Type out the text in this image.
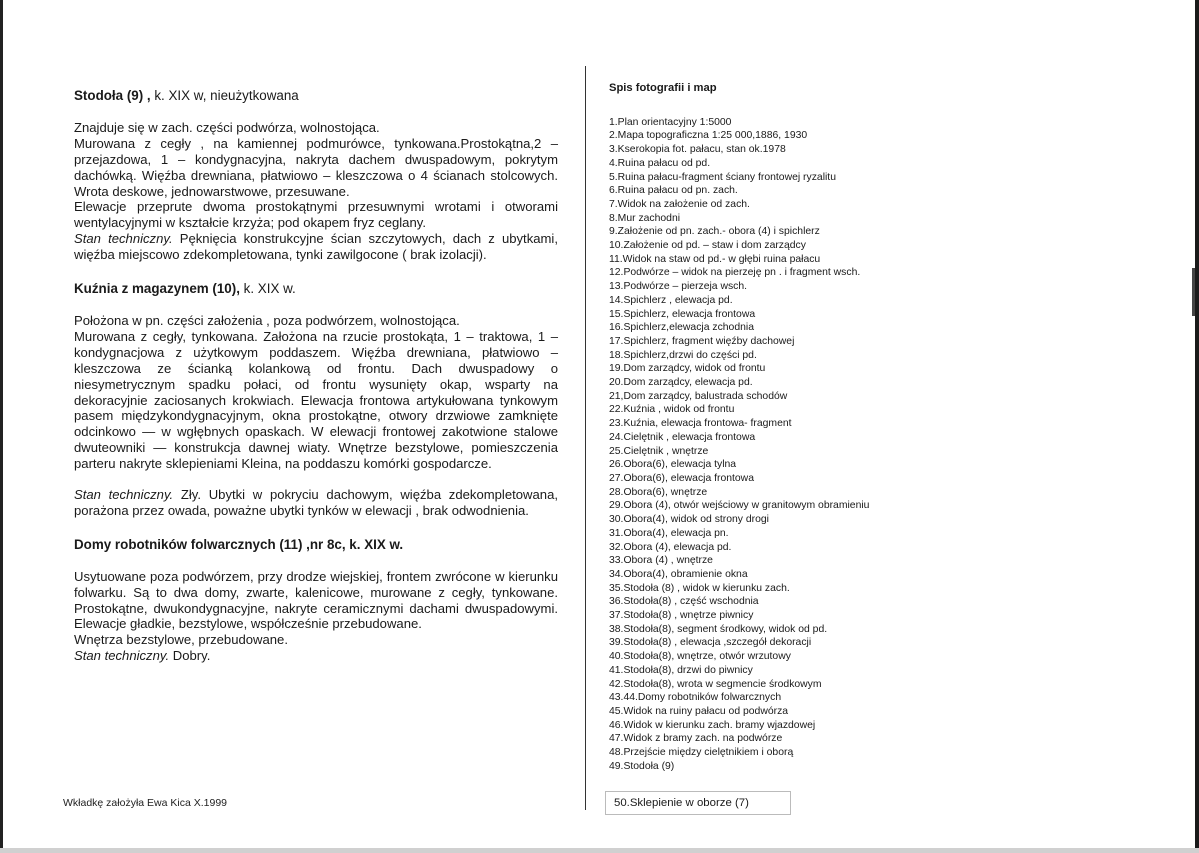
Stodoła (9) , k. XIX w, nieużytkowana

Znajduje się w zach. części podwórza, wolnostojąca.

Murowana z cegły , na kamiennej podmurówce, tynkowana.Prostokątna,2 – przejazdowa, 1 – kondygnacyjna, nakryta dachem dwuspadowym, pokrytym dachówką. Więźba drewniana, płatwiowo – kleszczowa o 4 ścianach stolcowych. Wrota deskowe, jednowarstwowe, przesuwane.

Elewacje przeprute dwoma prostokątnymi przesuwnymi wrotami i otworami wentylacyjnymi w kształcie krzyża; pod okapem fryz ceglany.

Stan techniczny. Pęknięcia konstrukcyjne ścian szczytowych, dach z ubytkami, więźba miejscowo zdekompletowana, tynki zawilgocone ( brak izolacji).

Kuźnia z magazynem (10), k. XIX w.

Położona w pn. części założenia , poza podwórzem, wolnostojąca.

Murowana z cegły, tynkowana. Założona na rzucie prostokąta, 1 – traktowa, 1 – kondygnacjowa z użytkowym poddaszem. Więźba drewniana, płatwiowo – kleszczowa ze ścianką kolankową od frontu. Dach dwuspadowy o niesymetrycznym spadku połaci, od frontu wysunięty okap, wsparty na dekoracyjnie zaciosanych krokwiach. Elewacja frontowa artykułowana tynkowym pasem międzykondygnacyjnym, okna prostokątne, otwory drzwiowe zamknięte odcinkowo — w wgłębnych opaskach. W elewacji frontowej zakotwione stalowe dwuteowniki — konstrukcja dawnej wiaty. Wnętrze bezstylowe, pomieszczenia parteru nakryte sklepieniami Kleina, na poddaszu komórki gospodarcze.

Stan techniczny. Zły. Ubytki w pokryciu dachowym, więźba zdekompletowana, porażona przez owada, poważne ubytki tynków w elewacji , brak odwodnienia.

Domy robotników folwarcznych (11) ,nr 8c, k. XIX w.

Usytuowane poza podwórzem, przy drodze wiejskiej, frontem zwrócone w kierunku folwarku. Są to dwa domy, zwarte, kalenicowe, murowane z cegły, tynkowane. Prostokątne, dwukondygnacyjne, nakryte ceramicznymi dachami dwuspadowymi. Elewacje gładkie, bezstylowe, współcześnie przebudowane.

Wnętrza bezstylowe, przebudowane.

Stan techniczny. Dobry.

Wkładkę założyła Ewa Kica X.1999
Spis fotografii i map
1.Plan orientacyjny 1:5000
2.Mapa topograficzna 1:25 000,1886, 1930
3.Kserokopia fot. pałacu, stan ok.1978
4.Ruina pałacu od pd.
5.Ruina pałacu-fragment ściany frontowej ryzalitu
6.Ruina pałacu od pn. zach.
7.Widok na założenie od zach.
8.Mur zachodni
9.Założenie od pn. zach.- obora (4) i spichlerz
10.Założenie od pd. – staw i dom zarządcy
11.Widok na staw od pd.- w głębi ruina pałacu
12.Podwórze – widok na pierzeję pn . i fragment wsch.
13.Podwórze – pierzeja wsch.
14.Spichlerz , elewacja pd.
15.Spichlerz, elewacja frontowa
16.Spichlerz,elewacja zchodnia
17.Spichlerz, fragment więźby dachowej
18.Spichlerz,drzwi do części pd.
19.Dom zarządcy, widok od frontu
20.Dom zarządcy, elewacja pd.
21,Dom zarządcy, balustrada schodów
22.Kuźnia , widok od frontu
23.Kuźnia, elewacja frontowa- fragment
24.Cielętnik , elewacja frontowa
25.Cielętnik , wnętrze
26.Obora(6), elewacja tylna
27.Obora(6), elewacja frontowa
28.Obora(6), wnętrze
29.Obora (4), otwór wejściowy w granitowym obramieniu
30.Obora(4), widok od strony drogi
31.Obora(4), elewacja pn.
32.Obora (4), elewacja pd.
33.Obora (4) , wnętrze
34.Obora(4), obramienie okna
35.Stodoła (8) , widok w kierunku zach.
36.Stodoła(8) , część wschodnia
37.Stodoła(8) , wnętrze piwnicy
38.Stodoła(8), segment środkowy, widok od pd.
39.Stodoła(8) , elewacja ,szczegół dekoracji
40.Stodoła(8), wnętrze, otwór wrzutowy
41.Stodoła(8), drzwi do piwnicy
42.Stodoła(8), wrota w segmencie środkowym
43.44.Domy robotników folwarcznych
45.Widok na ruiny pałacu od podwórza
46.Widok w kierunku zach. bramy wjazdowej
47.Widok z bramy zach. na podwórze
48.Przejście między cielętnikiem i oborą
49.Stodoła (9)
50.Sklepienie w oborze (7)
